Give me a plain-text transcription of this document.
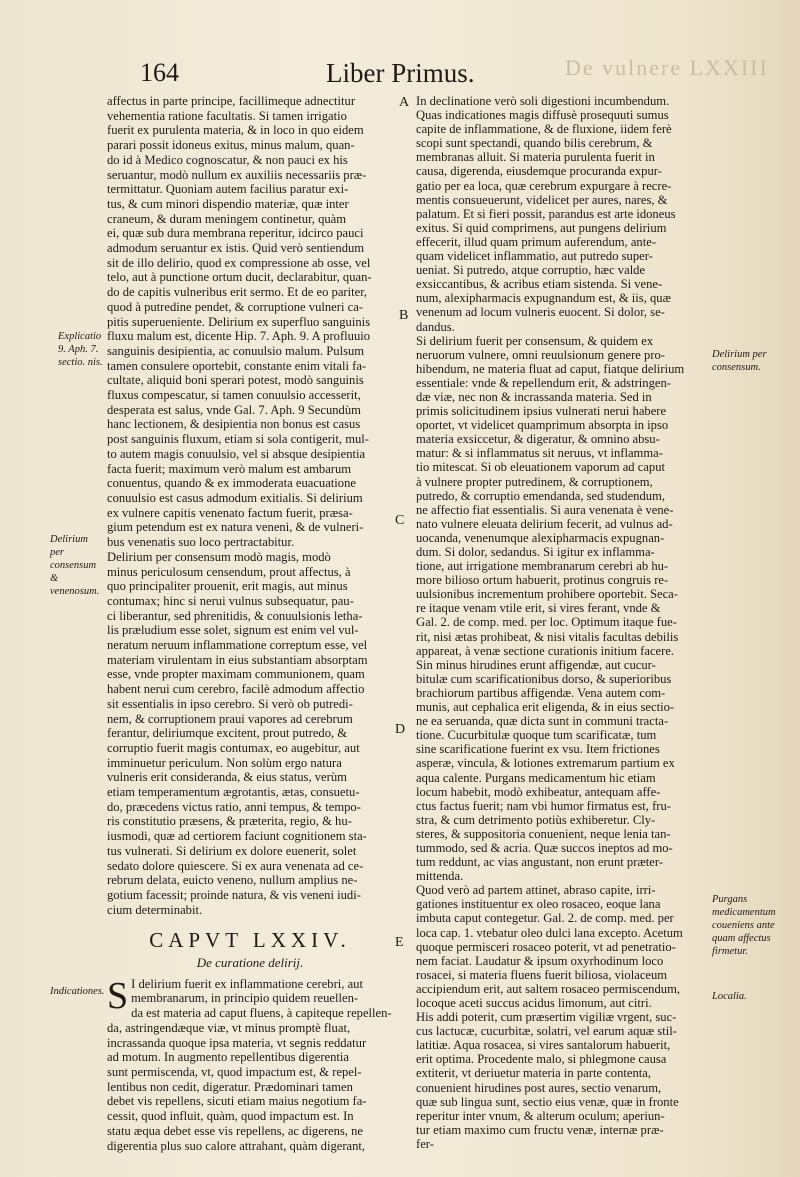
De vulnere LXXIII
164	Liber Primus.
affectus in parte principe, facillimeque adnectitur
vehementia ratione facultatis. Si tamen irrigatio
fuerit ex purulenta materia, & in loco in quo eidem
parari possit idoneus exitus, minus malum, quan-
do id à Medico cognoscatur, & non pauci ex his
seruantur, modò nullum ex auxiliis necessariis præ-
termittatur. Quoniam autem facilius paratur exi-
tus, & cum minori dispendio materiæ, quæ inter
craneum, & duram meningem continetur, quàm
ei, quæ sub dura membrana reperitur, idcirco pauci
admodum seruantur ex istis. Quid verò sentiendum
sit de illo delirio, quod ex compressione ab osse, vel
telo, aut à punctione ortum ducit, declarabitur, quan-
do de capitis vulneribus erit sermo. Et de eo pariter,
quod à putredine pendet, & corruptione vulneri ca-
pitis superueniente. Delirium ex superfluo sanguinis
fluxu malum est, dicente Hip. 7. Aph. 9. A profluuio
sanguinis desipientia, ac conuulsio malum. Pulsum
tamen consulere oportebit, constante enim vitali fa-
cultate, aliquid boni sperari potest, modò sanguinis
fluxus compescatur, si tamen conuulsio accesserit,
desperata est salus, vnde Gal. 7. Aph. 9 Secundùm
hanc lectionem, & desipientia non bonus est casus
post sanguinis fluxum, etiam si sola contigerit, mul-
to autem magis conuulsio, vel si absque desipientia
facta fuerit; maximum verò malum est ambarum
conuentus, quando & ex immoderata euacuatione
conuulsio est casus admodum exitialis. Si delirium
ex vulnere capitis venenato factum fuerit, præsa-
gium petendum est ex natura veneni, & de vulneri-
bus venenatis suo loco pertractabitur.
Delirium per consensum modò magis, modò
minus periculosum censendum, prout affectus, à
quo principaliter prouenit, erit magis, aut minus
contumax; hinc si nerui vulnus subsequatur, pau-
ci liberantur, sed phrenitidis, & conuulsionis letha-
lis præludium esse solet, signum est enim vel vul-
neratum neruum inflammatione correptum esse, vel
materiam virulentam in eius substantiam absorptam
esse, vnde propter maximam communionem, quam
habent nerui cum cerebro, facilè admodum affectio
sit essentialis in ipso cerebro. Si verò ob putredi-
nem, & corruptionem praui vapores ad cerebrum
ferantur, deliriumque excitent, prout putredo, &
corruptio fuerit magis contumax, eo augebitur, aut
imminuetur periculum. Non solùm ergo natura
vulneris erit consideranda, & eius status, verùm
etiam temperamentum ægrotantis, ætas, consuetu-
do, præcedens victus ratio, anni tempus, & tempo-
ris constitutio præsens, & præterita, regio, & hu-
iusmodi, quæ ad certiorem faciunt cognitionem sta-
tus vulnerati. Si delirium ex dolore euenerit, solet
sedato dolore quiescere. Si ex aura venenata ad ce-
rebrum delata, euicto veneno, nullum amplius ne-
gotium facessit; proinde natura, & vis veneni iudi-
cium determinabit.
CAPVT LXXIV.
De curatione delirij.
S I delirium fuerit ex inflammatione cerebri, aut
membranarum, in principio quidem reuellen-
da est materia ad caput fluens, à capiteque repellen-
da, astringendæque viæ, vt minus promptè fluat,
incrassanda quoque ipsa materia, vt segnis reddatur
ad motum. In augmento repellentibus digerentia
sunt permiscenda, vt, quod impactum est, & repel-
lentibus non cedit, digeratur. Prædominari tamen
debet vis repellens, sicuti etiam maius negotium fa-
cessit, quod influit, quàm, quod impactum est. In
statu æqua debet esse vis repellens, ac digerens, ne
digerentia plus suo calore attrahant, quàm digerant,
In declinatione verò soli digestioni incumbendum.
Quas indicationes magis diffusè prosequuti sumus
capite de inflammatione, & de fluxione, iidem ferè
scopi sunt spectandi, quando bilis cerebrum, &
membranas alluit. Si materia purulenta fuerit in
causa, digerenda, eiusdemque procuranda expur-
gatio per ea loca, quæ cerebrum expurgare à recre-
mentis consueuerunt, videlicet per aures, nares, &
palatum. Et si fieri possit, parandus est arte idoneus
exitus. Si quid comprimens, aut pungens delirium
effecerit, illud quam primum auferendum, ante-
quam videlicet inflammatio, aut putredo super-
ueniat. Si putredo, atque corruptio, hæc valde
exsiccantibus, & acribus etiam sistenda. Si vene-
num, alexipharmacis expugnandum est, & iis, quæ
venenum ad locum vulneris euocent. Si dolor, se-
dandus.
Si delirium fuerit per consensum, & quidem ex
neruorum vulnere, omni reuulsionum genere pro-
hibendum, ne materia fluat ad caput, fiatque delirium
essentiale: vnde & repellendum erit, & adstringen-
dæ viæ, nec non & incrassanda materia. Sed in
primis solicitudinem ipsius vulnerati nerui habere
oportet, vt videlicet quamprimum absorpta in ipso
materia exsiccetur, & digeratur, & omnino absu-
matur: & si inflammatus sit neruus, vt inflamma-
tio mitescat. Si ob eleuationem vaporum ad caput
à vulnere propter putredinem, & corruptionem,
putredo, & corruptio emendanda, sed studendum,
ne affectio fiat essentialis. Si aura venenata è vene-
nato vulnere eleuata delirium fecerit, ad vulnus ad-
uocanda, venenumque alexipharmacis expugnan-
dum. Si dolor, sedandus. Si igitur ex inflamma-
tione, aut irrigatione membranarum cerebri ab hu-
more bilioso ortum habuerit, protinus congruis re-
uulsionibus incrementum prohibere oportebit. Seca-
re itaque venam vtile erit, si vires ferant, vnde &
Gal. 2. de comp. med. per loc. Optimum itaque fue-
rit, nisi ætas prohibeat, & nisi vitalis facultas debilis
appareat, à venæ sectione curationis initium facere.
Sin minus hirudines erunt affigendæ, aut cucur-
bitulæ cum scarificationibus dorso, & superioribus
brachiorum partibus affigendæ. Vena autem com-
munis, aut cephalica erit eligenda, & in eius sectio-
ne ea seruanda, quæ dicta sunt in communi tracta-
tione. Cucurbitulæ quoque tum scarificatæ, tum
sine scarificatione fuerint ex vsu. Item frictiones
asperæ, vincula, & lotiones extremarum partium ex
aqua calente. Purgans medicamentum hic etiam
locum habebit, modò exhibeatur, antequam affe-
ctus factus fuerit; nam vbi humor firmatus est, fru-
stra, & cum detrimento potiùs exhiberetur. Cly-
steres, & suppositoria conuenient, neque lenia tan-
tummodo, sed & acria. Quæ succos ineptos ad mo-
tum reddunt, ac vias angustant, non erunt præter-
mittenda.
Quod verò ad partem attinet, abraso capite, irri-
gationes instituentur ex oleo rosaceo, eoque lana
imbuta caput contegetur. Gal. 2. de comp. med. per
loca cap. 1. vtebatur oleo dulci lana excepto. Acetum
quoque permisceri rosaceo poterit, vt ad penetratio-
nem faciat. Laudatur & ipsum oxyrhodinum loco
rosacei, si materia fluens fuerit biliosa, violaceum
accipiendum erit, aut saltem rosaceo permiscendum,
locoque aceti succus acidus limonum, aut citri.
His addi poterit, cum præsertim vigiliæ vrgent, suc-
cus lactucæ, cucurbitæ, solatri, vel earum aquæ stil-
latitiæ. Aqua rosacea, si vires santalorum habuerit,
erit optima. Procedente malo, si phlegmone causa
extiterit, vt deriuetur materia in parte contenta,
conuenient hirudines post aures, sectio venarum,
quæ sub lingua sunt, sectio eius venæ, quæ in fronte
reperitur inter vnum, & alterum oculum; aperiun-
tur etiam maximo cum fructu venæ, internæ præ-
fer-
A
B
C
D
E
Explicatio 9. Aph. 7. sectio. nis.
Delirium per consensum & venenosum.
Indicationes.
Delirium per consensum.
Purgans medicamentum coueniens ante quam affectus firmetur.
Localia.
